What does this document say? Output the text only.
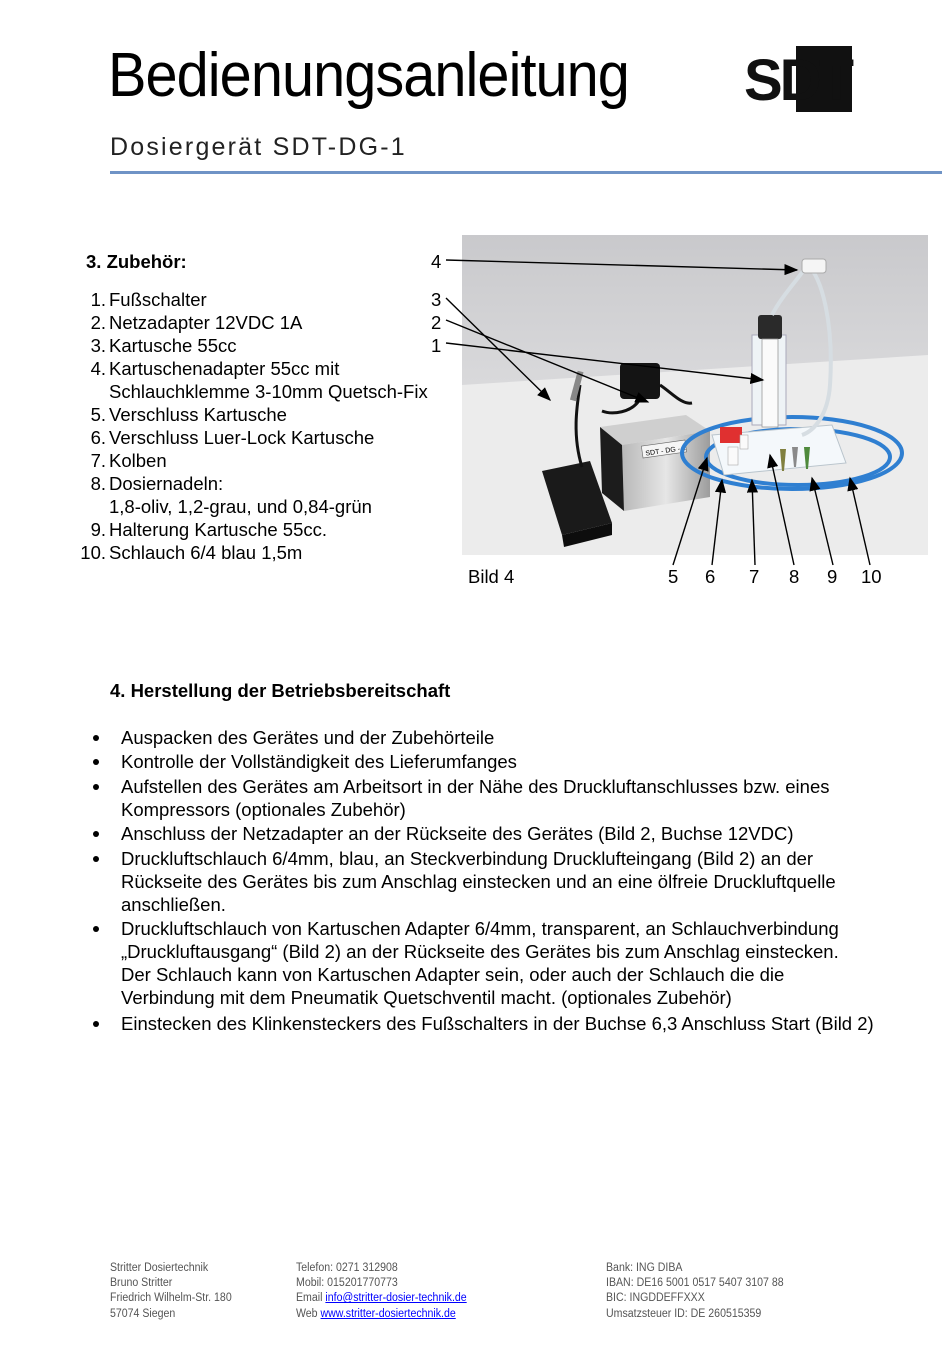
Bedienungsanleitung
Dosiergerät SDT-DG-1
SDT
3. Zubehör:	4
1. Fußschalter	3
2. Netzadapter 12VDC 1A	2
3. Kartusche 55cc	1
4. Kartuschenadapter 55cc mit
Schlauchklemme 3-10mm Quetsch-Fix
5. Verschluss Kartusche
6. Verschluss Luer-Lock Kartusche
7. Kolben
8. Dosiernadeln:
1,8-oliv, 1,2-grau, und 0,84-grün
9. Halterung Kartusche 55cc.
10. Schlauch 6/4 blau 1,5m
SDT - DG - 1
Bild 4	5 6 7 8 9 10
4. Herstellung der Betriebsbereitschaft
Auspacken des Gerätes und der Zubehörteile
Kontrolle der Vollständigkeit des Lieferumfanges
Aufstellen des Gerätes am Arbeitsort in der Nähe des Druckluftanschlusses bzw. eines
Kompressors (optionales Zubehör)
Anschluss der Netzadapter an der Rückseite des Gerätes (Bild 2, Buchse 12VDC)
Druckluftschlauch 6/4mm, blau, an Steckverbindung Drucklufteingang (Bild 2) an der
Rückseite des Gerätes bis zum Anschlag einstecken und an eine ölfreie Druckluftquelle
anschließen.
Druckluftschlauch von Kartuschen Adapter 6/4mm, transparent, an Schlauchverbindung
„Druckluftausgang“ (Bild 2) an der Rückseite des Gerätes bis zum Anschlag einstecken.
Der Schlauch kann von Kartuschen Adapter sein, oder auch der Schlauch die die
Verbindung mit dem Pneumatik Quetschventil macht. (optionales Zubehör)
Einstecken des Klinkensteckers des Fußschalters in der Buchse 6,3 Anschluss Start (Bild 2)
Stritter Dosiertechnik
Bruno Stritter
Friedrich Wilhelm-Str. 180
57074 Siegen
Telefon: 0271 312908
Mobil: 015201770773
Email info@stritter-dosier-technik.de
Web www.stritter-dosiertechnik.de
Bank: ING DIBA
IBAN: DE16 5001 0517 5407 3107 88
BIC: INGDDEFFXXX
Umsatzsteuer ID: DE 260515359
